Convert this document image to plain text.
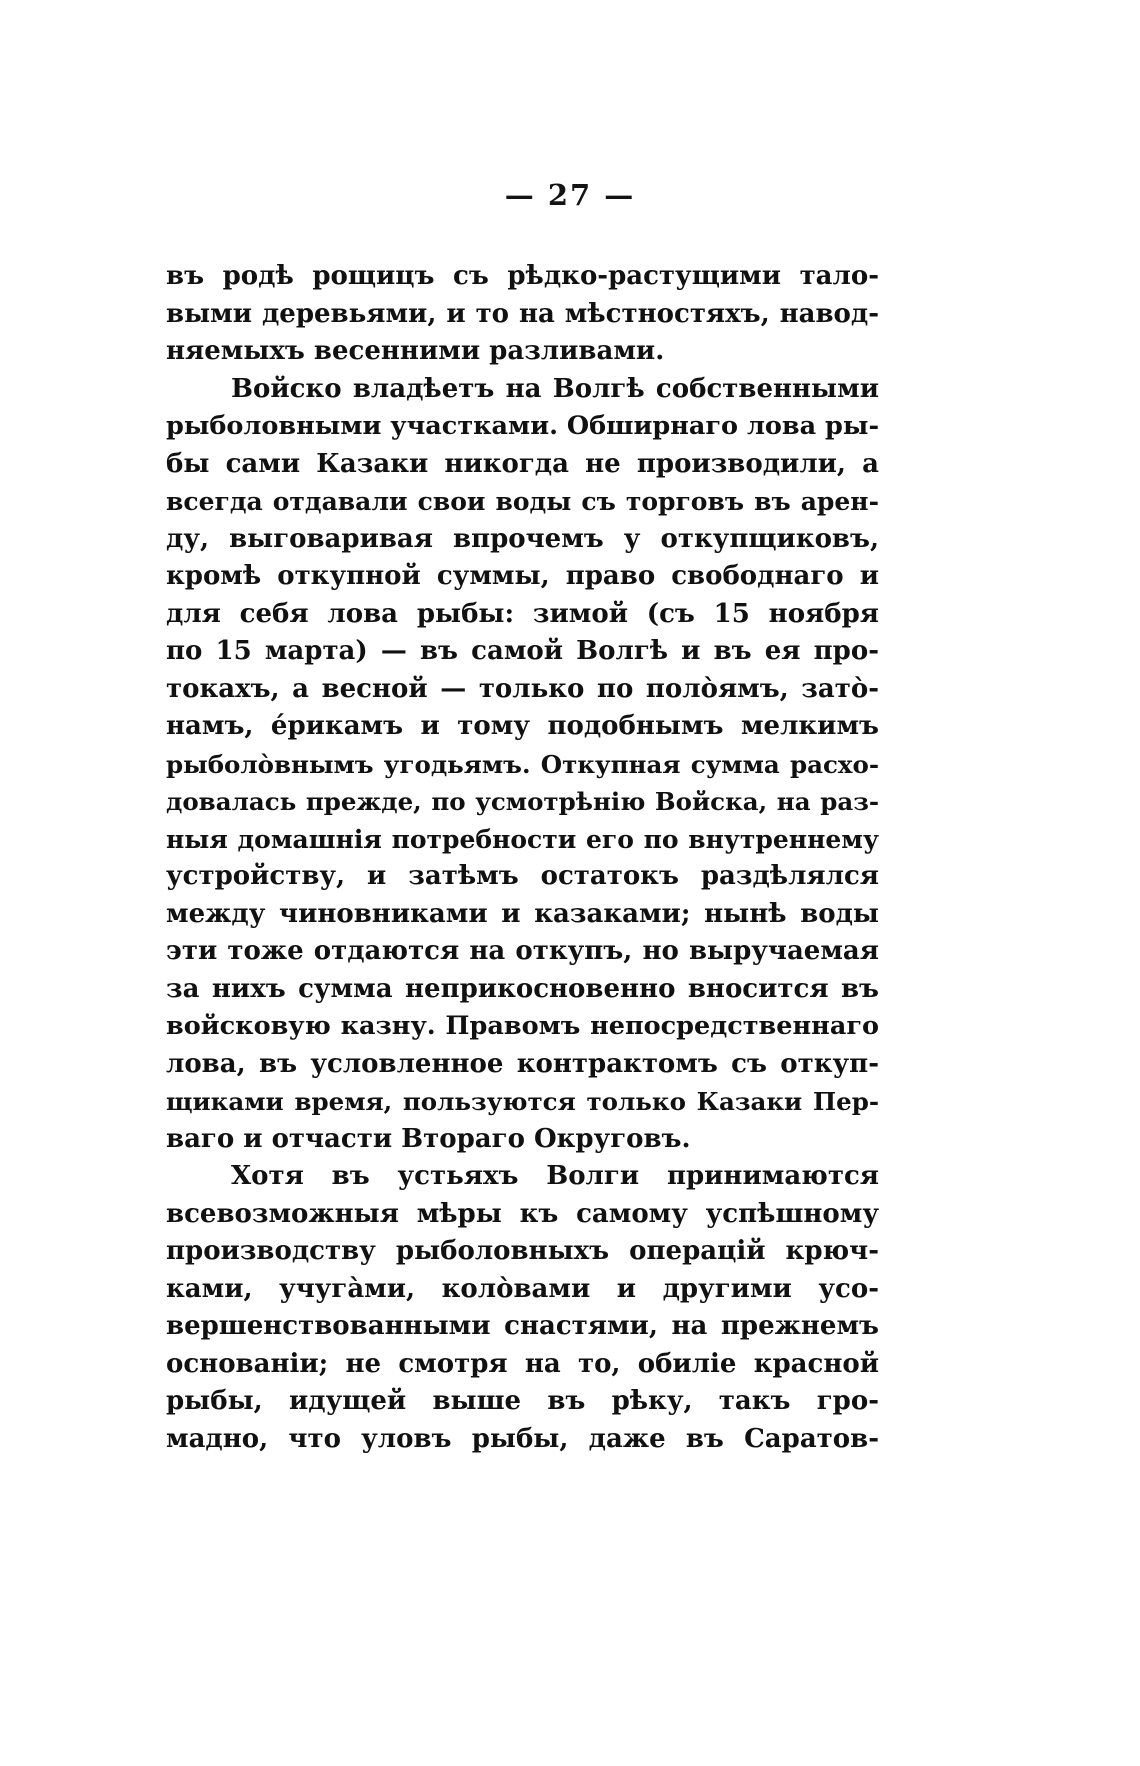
— 27 —
въ родѣ рощицъ съ рѣдко-растущими тало-
выми деревьями, и то на мѣстностяхъ, навод-
няемыхъ весенними разливами.
Войско владѣетъ на Волгѣ собственными
рыболовными участками. Обширнаго лова ры-
бы сами Казаки никогда не производили, а
всегда отдавали свои воды съ торговъ въ арен-
ду, выговаривая впрочемъ у откупщиковъ,
кромѣ откупной суммы, право свободнаго и
для себя лова рыбы: зимой (съ 15 ноября
по 15 марта) — въ самой Волгѣ и въ ея про-
токахъ, а весной — только по полòямъ, затò-
намъ, éрикамъ и тому подобнымъ мелкимъ
рыболòвнымъ угодьямъ. Откупная сумма расхо-
довалась прежде, по усмотрѣнію Войска, на раз-
ныя домашнія потребности его по внутреннему
устройству, и затѣмъ остатокъ раздѣлялся
между чиновниками и казаками; нынѣ воды
эти тоже отдаются на откупъ, но выручаемая
за нихъ сумма неприкосновенно вносится въ
войсковую казну. Правомъ непосредственнаго
лова, въ условленное контрактомъ съ откуп-
щиками время, пользуются только Казаки Пер-
ваго и отчасти Втораго Округовъ.
Хотя въ устьяхъ Волги принимаются
всевозможныя мѣры къ самому успѣшному
производству рыболовныхъ операцій крюч-
ками, учугàми, колòвами и другими усо-
вершенствованными снастями, на прежнемъ
основаніи; не смотря на то, обиліе красной
рыбы, идущей выше въ рѣку, такъ гро-
мадно, что уловъ рыбы, даже въ Саратов-
